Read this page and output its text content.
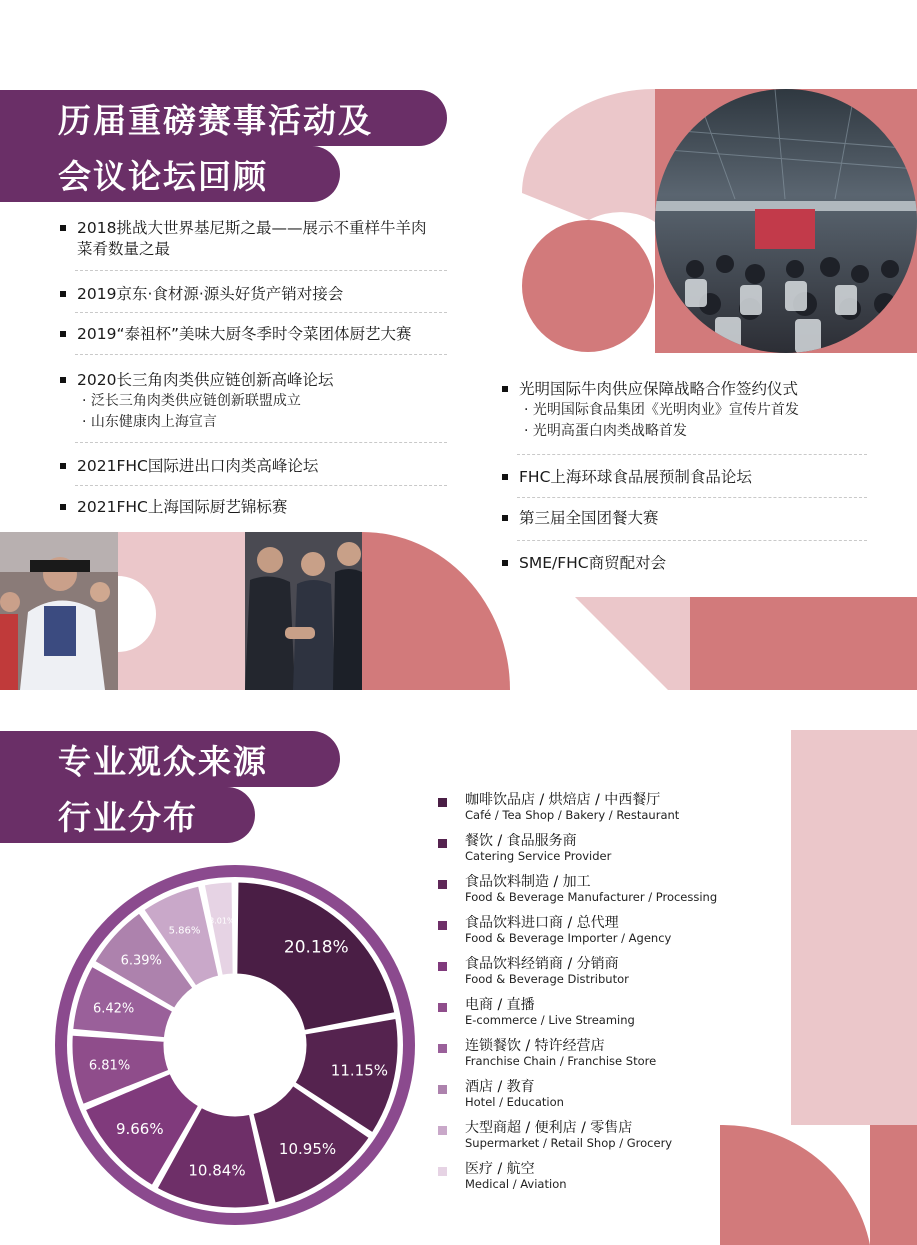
历届重磅赛事活动及
会议论坛回顾
2018挑战大世界基尼斯之最——展示不重样牛羊肉
菜肴数量之最
2019京东·食材源·源头好货产销对接会
2019“泰祖杯”美味大厨冬季时令菜团体厨艺大赛
2020长三角肉类供应链创新高峰论坛
· 泛长三角肉类供应链创新联盟成立
· 山东健康肉上海宣言
2021FHC国际进出口肉类高峰论坛
2021FHC上海国际厨艺锦标赛
光明国际牛肉供应保障战略合作签约仪式
· 光明国际食品集团《光明肉业》宣传片首发
· 光明高蛋白肉类战略首发
FHC上海环球食品展预制食品论坛
第三届全国团餐大赛
SME/FHC商贸配对会
专业观众来源
行业分布
20.18%
11.15%
10.95%
10.84%
9.66%
6.81%
6.42%
6.39%
5.86%
3.01%
咖啡饮品店 / 烘焙店 / 中西餐厅
Café / Tea Shop / Bakery / Restaurant
餐饮 / 食品服务商
Catering Service Provider
食品饮料制造 / 加工
Food & Beverage Manufacturer / Processing
食品饮料进口商 / 总代理
Food & Beverage Importer / Agency
食品饮料经销商 / 分销商
Food & Beverage Distributor
电商 / 直播
E-commerce / Live Streaming
连锁餐饮 / 特许经营店
Franchise Chain / Franchise Store
酒店 / 教育
Hotel / Education
大型商超 / 便利店 / 零售店
Supermarket / Retail Shop / Grocery
医疗 / 航空
Medical / Aviation
